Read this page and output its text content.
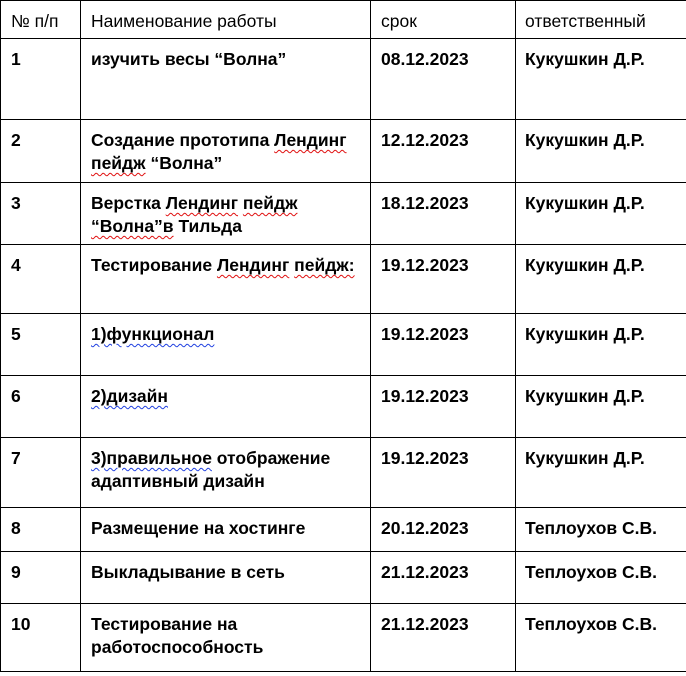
№ п/п	Наименование работы	срок	ответственный
1	изучить весы “Волна”	08.12.2023	Кукушкин Д.Р.

2	Создание прототипа Лендинг пейдж “Волна”	12.12.2023	Кукушкин Д.Р.

3	Верстка Лендинг пейдж “Волна”в Тильда	18.12.2023	Кукушкин Д.Р.

4	Тестирование Лендинг пейдж:	19.12.2023	Кукушкин Д.Р.

5	1)функционал	19.12.2023	Кукушкин Д.Р.

6	2)дизайн	19.12.2023	Кукушкин Д.Р.

7	3)правильное отображение адаптивный дизайн	19.12.2023	Кукушкин Д.Р.

8	Размещение на хостинге	20.12.2023	Теплоухов С.В.

9	Выкладывание в сеть	21.12.2023	Теплоухов С.В.

10	Тестирование на работоспособность	21.12.2023	Теплоухов С.В.
